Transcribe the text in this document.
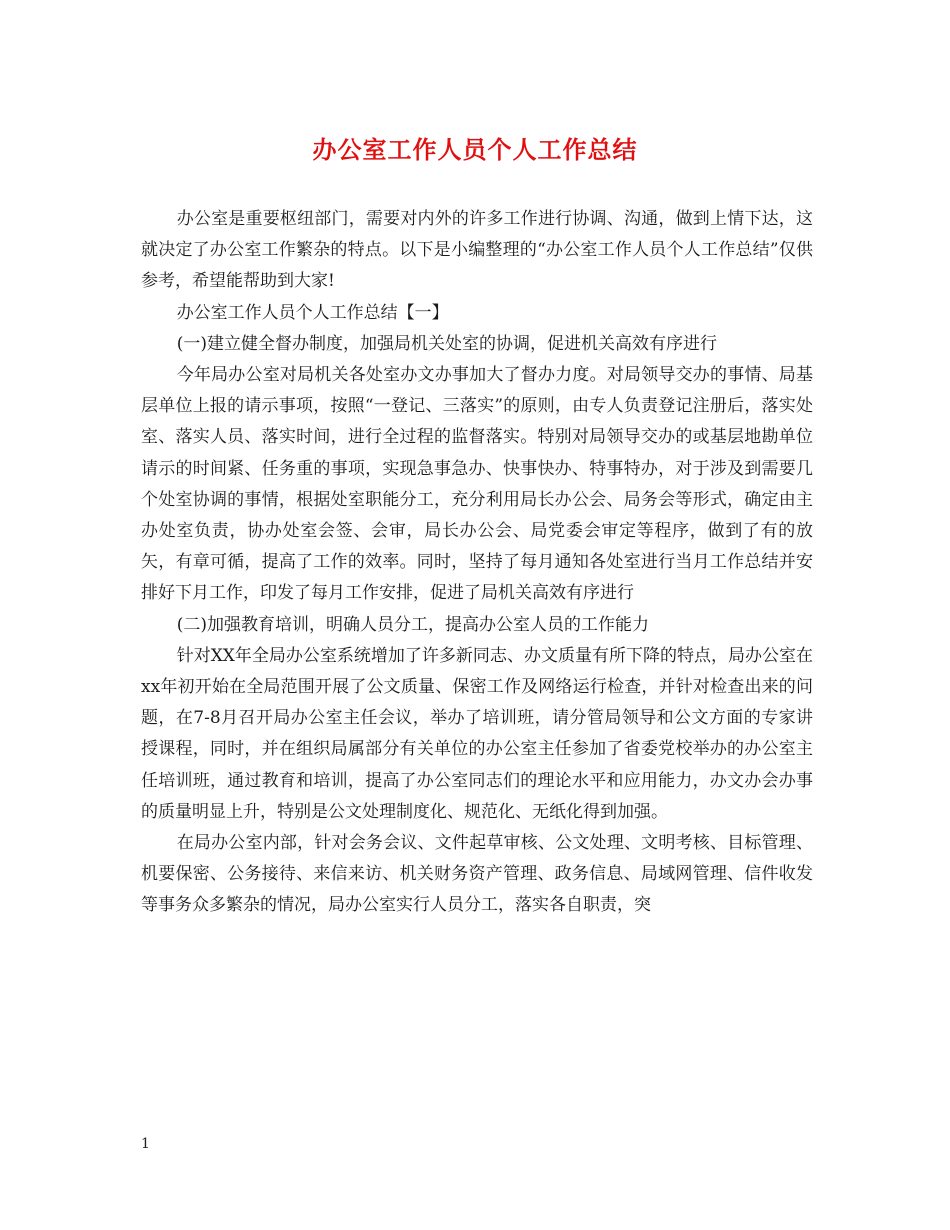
办公室工作人员个人工作总结

办公室是重要枢纽部门，需要对内外的许多工作进行协调、沟通，做到上情下达，这就决定了办公室工作繁杂的特点。以下是小编整理的“办公室工作人员个人工作总结”仅供参考，希望能帮助到大家!

办公室工作人员个人工作总结【一】

(一)建立健全督办制度，加强局机关处室的协调，促进机关高效有序进行

今年局办公室对局机关各处室办文办事加大了督办力度。对局领导交办的事情、局基层单位上报的请示事项，按照“一登记、三落实”的原则，由专人负责登记注册后，落实处室、落实人员、落实时间，进行全过程的监督落实。特别对局领导交办的或基层地勘单位请示的时间紧、任务重的事项，实现急事急办、快事快办、特事特办，对于涉及到需要几个处室协调的事情，根据处室职能分工，充分利用局长办公会、局务会等形式，确定由主办处室负责，协办处室会签、会审，局长办公会、局党委会审定等程序，做到了有的放矢，有章可循，提高了工作的效率。同时，坚持了每月通知各处室进行当月工作总结并安排好下月工作，印发了每月工作安排，促进了局机关高效有序进行

(二)加强教育培训，明确人员分工，提高办公室人员的工作能力

针对XX年全局办公室系统增加了许多新同志、办文质量有所下降的特点，局办公室在xx年初开始在全局范围开展了公文质量、保密工作及网络运行检查，并针对检查出来的问题，在7-8月召开局办公室主任会议，举办了培训班，请分管局领导和公文方面的专家讲授课程，同时，并在组织局属部分有关单位的办公室主任参加了省委党校举办的办公室主任培训班，通过教育和培训，提高了办公室同志们的理论水平和应用能力，办文办会办事的质量明显上升，特别是公文处理制度化、规范化、无纸化得到加强。

在局办公室内部，针对会务会议、文件起草审核、公文处理、文明考核、目标管理、机要保密、公务接待、来信来访、机关财务资产管理、政务信息、局域网管理、信件收发等事务众多繁杂的情况，局办公室实行人员分工，落实各自职责，突

1
